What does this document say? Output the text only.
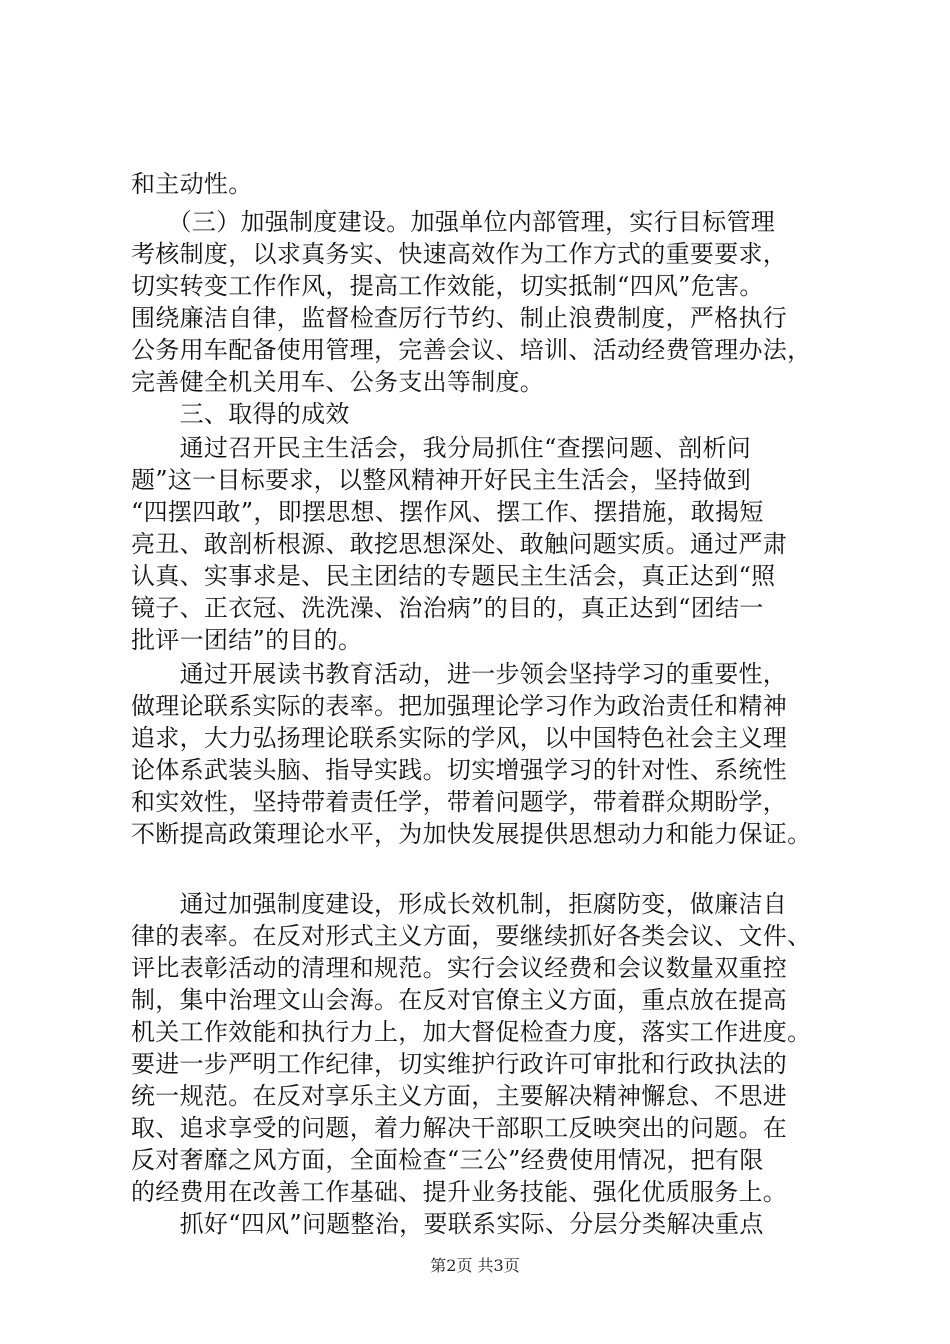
和主动性。
　　（三）加强制度建设。加强单位内部管理，实行目标管理
考核制度，以求真务实、快速高效作为工作方式的重要要求，
切实转变工作作风，提高工作效能，切实抵制“四风”危害。
围绕廉洁自律，监督检查厉行节约、制止浪费制度，严格执行
公务用车配备使用管理，完善会议、培训、活动经费管理办法，
完善健全机关用车、公务支出等制度。
　　三、取得的成效
　　通过召开民主生活会，我分局抓住“查摆问题、剖析问
题”这一目标要求，以整风精神开好民主生活会，坚持做到
“四摆四敢”，即摆思想、摆作风、摆工作、摆措施，敢揭短
亮丑、敢剖析根源、敢挖思想深处、敢触问题实质。通过严肃
认真、实事求是、民主团结的专题民主生活会，真正达到“照
镜子、正衣冠、洗洗澡、治治病”的目的，真正达到“团结一
批评一团结”的目的。
　　通过开展读书教育活动，进一步领会坚持学习的重要性，
做理论联系实际的表率。把加强理论学习作为政治责任和精神
追求，大力弘扬理论联系实际的学风，以中国特色社会主义理
论体系武装头脑、指导实践。切实增强学习的针对性、系统性
和实效性，坚持带着责任学，带着问题学，带着群众期盼学，
不断提高政策理论水平，为加快发展提供思想动力和能力保证。
　　通过加强制度建设，形成长效机制，拒腐防变，做廉洁自
律的表率。在反对形式主义方面，要继续抓好各类会议、文件、
评比表彰活动的清理和规范。实行会议经费和会议数量双重控
制，集中治理文山会海。在反对官僚主义方面，重点放在提高
机关工作效能和执行力上，加大督促检查力度，落实工作进度。
要进一步严明工作纪律，切实维护行政许可审批和行政执法的
统一规范。在反对享乐主义方面，主要解决精神懈怠、不思进
取、追求享受的问题，着力解决干部职工反映突出的问题。在
反对奢靡之风方面，全面检查“三公”经费使用情况，把有限
的经费用在改善工作基础、提升业务技能、强化优质服务上。
　　抓好“四风”问题整治，要联系实际、分层分类解决重点
第2页 共3页
